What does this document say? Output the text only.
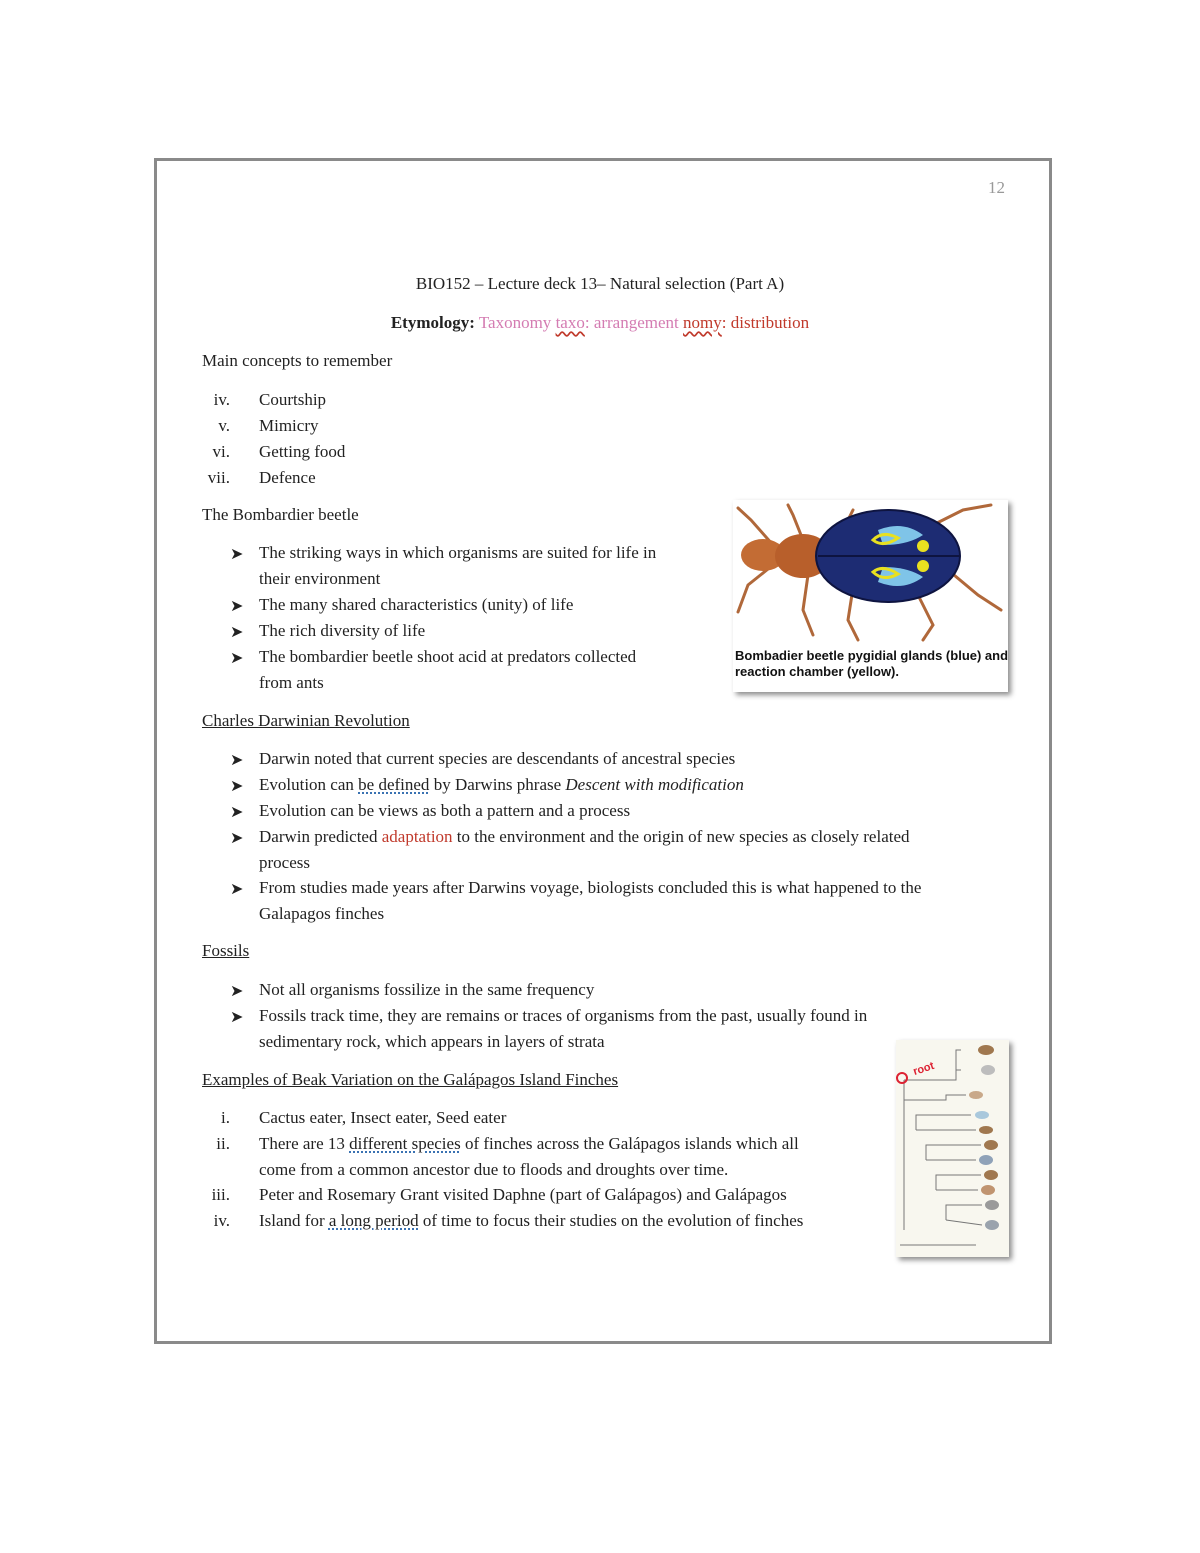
12
BIO152 – Lecture deck 13– Natural selection (Part A)
Etymology: Taxonomy taxo: arrangement nomy: distribution
Main concepts to remember
iv. Courtship
v. Mimicry
vi. Getting food
vii. Defence
The Bombardier beetle
➤ The striking ways in which organisms are suited for life in
their environment
➤ The many shared characteristics (unity) of life
➤ The rich diversity of life
➤ The bombardier beetle shoot acid at predators collected
from ants
Bombadier beetle pygidial glands (blue) and reaction chamber (yellow).
Charles Darwinian Revolution
➤ Darwin noted that current species are descendants of ancestral species
➤ Evolution can be defined by Darwins phrase Descent with modification
➤ Evolution can be views as both a pattern and a process
➤ Darwin predicted adaptation to the environment and the origin of new species as closely related
process
➤ From studies made years after Darwins voyage, biologists concluded this is what happened to the
Galapagos finches
Fossils
➤ Not all organisms fossilize in the same frequency
➤ Fossils track time, they are remains or traces of organisms from the past, usually found in
sedimentary rock, which appears in layers of strata
Examples of Beak Variation on the Galápagos Island Finches
i. Cactus eater, Insect eater, Seed eater
ii. There are 13 different species of finches across the Galápagos islands which all
come from a common ancestor due to floods and droughts over time.
iii. Peter and Rosemary Grant visited Daphne (part of Galápagos) and Galápagos
iv. Island for a long period of time to focus their studies on the evolution of finches
root
